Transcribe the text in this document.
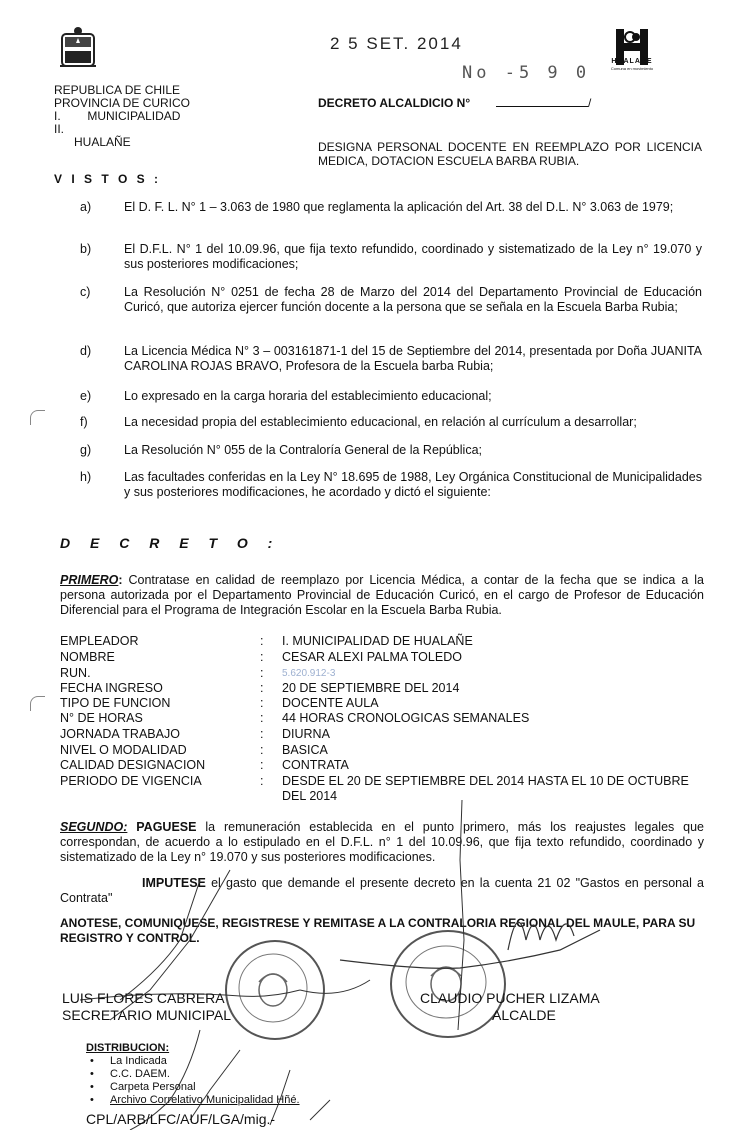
2 5 SET. 2014
No ‑5 9 0
HUALAÑE
Comuna en movimiento
REPUBLICA DE CHILE
PROVINCIA DE CURICO
I.        MUNICIPALIDAD
II.
HUALAÑE
DECRETO ALCALDICIO N°	/
DESIGNA PERSONAL DOCENTE EN REEMPLAZO POR LICENCIA MEDICA, DOTACION ESCUELA BARBA RUBIA.
V I S T O S :
a)	El D. F. L. N° 1 – 3.063 de 1980 que reglamenta la aplicación del Art. 38 del D.L. N° 3.063 de 1979;
b)	El D.F.L. N° 1 del 10.09.96, que fija texto refundido, coordinado y sistematizado de la Ley n° 19.070 y sus posteriores modificaciones;
c)	La Resolución N° 0251 de fecha 28 de Marzo del 2014 del Departamento Provincial de Educación Curicó, que autoriza ejercer función docente a la persona que se señala en la Escuela Barba Rubia;
d)	La Licencia Médica N° 3 – 003161871-1 del 15 de Septiembre del 2014, presentada por Doña JUANITA CAROLINA ROJAS BRAVO, Profesora de la Escuela barba Rubia;
e)	Lo expresado en la carga horaria del establecimiento educacional;
f)	La necesidad propia del establecimiento educacional, en relación al currículum a desarrollar;
g)	La Resolución N° 055 de la Contraloría General de la República;
h)	Las facultades conferidas en la Ley N° 18.695 de 1988, Ley Orgánica Constitucional de Municipalidades y sus posteriores modificaciones, he acordado y dictó el siguiente:
D E C R E T O :
PRIMERO: Contratase en calidad de reemplazo por Licencia Médica, a contar de la fecha que se indica a la persona autorizada por el Departamento Provincial de Educación Curicó, en el cargo de Profesor de Educación Diferencial para el Programa de Integración Escolar en la Escuela Barba Rubia.
EMPLEADOR	: I. MUNICIPALIDAD DE HUALAÑE
NOMBRE	: CESAR ALEXI PALMA TOLEDO
RUN.	: 5.620.912-3
FECHA INGRESO	: 20 DE SEPTIEMBRE DEL 2014
TIPO DE FUNCION	: DOCENTE AULA
N° DE HORAS	: 44 HORAS CRONOLOGICAS SEMANALES
JORNADA TRABAJO	: DIURNA
NIVEL O MODALIDAD	: BASICA
CALIDAD DESIGNACION	: CONTRATA
PERIODO DE VIGENCIA	: DESDE EL 20 DE SEPTIEMBRE DEL 2014 HASTA EL 10 DE OCTUBRE DEL 2014
SEGUNDO: PAGUESE la remuneración establecida en el punto primero, más los reajustes legales que correspondan, de acuerdo a lo estipulado en el D.F.L. n° 1 del 10.09.96, que fija texto refundido, coordinado y sistematizado de la Ley n° 19.070 y sus posteriores modificaciones.
IMPUTESE el gasto que demande el presente decreto en la cuenta 21 02 "Gastos en personal a Contrata"
ANOTESE, COMUNIQUESE, REGISTRESE Y REMITASE A LA CONTRALORIA REGIONAL DEL MAULE, PARA SU REGISTRO Y CONTROL.
LUIS FLORES CABRERA
SECRETARIO MUNICIPAL
CLAUDIO PUCHER LIZAMA
ALCALDE
DISTRIBUCION:
• La Indicada
• C.C. DAEM.
• Carpeta Personal
• Archivo Correlativo Municipalidad Hñé.
CPL/ARB/LFC/AUF/LGA/mig.-
